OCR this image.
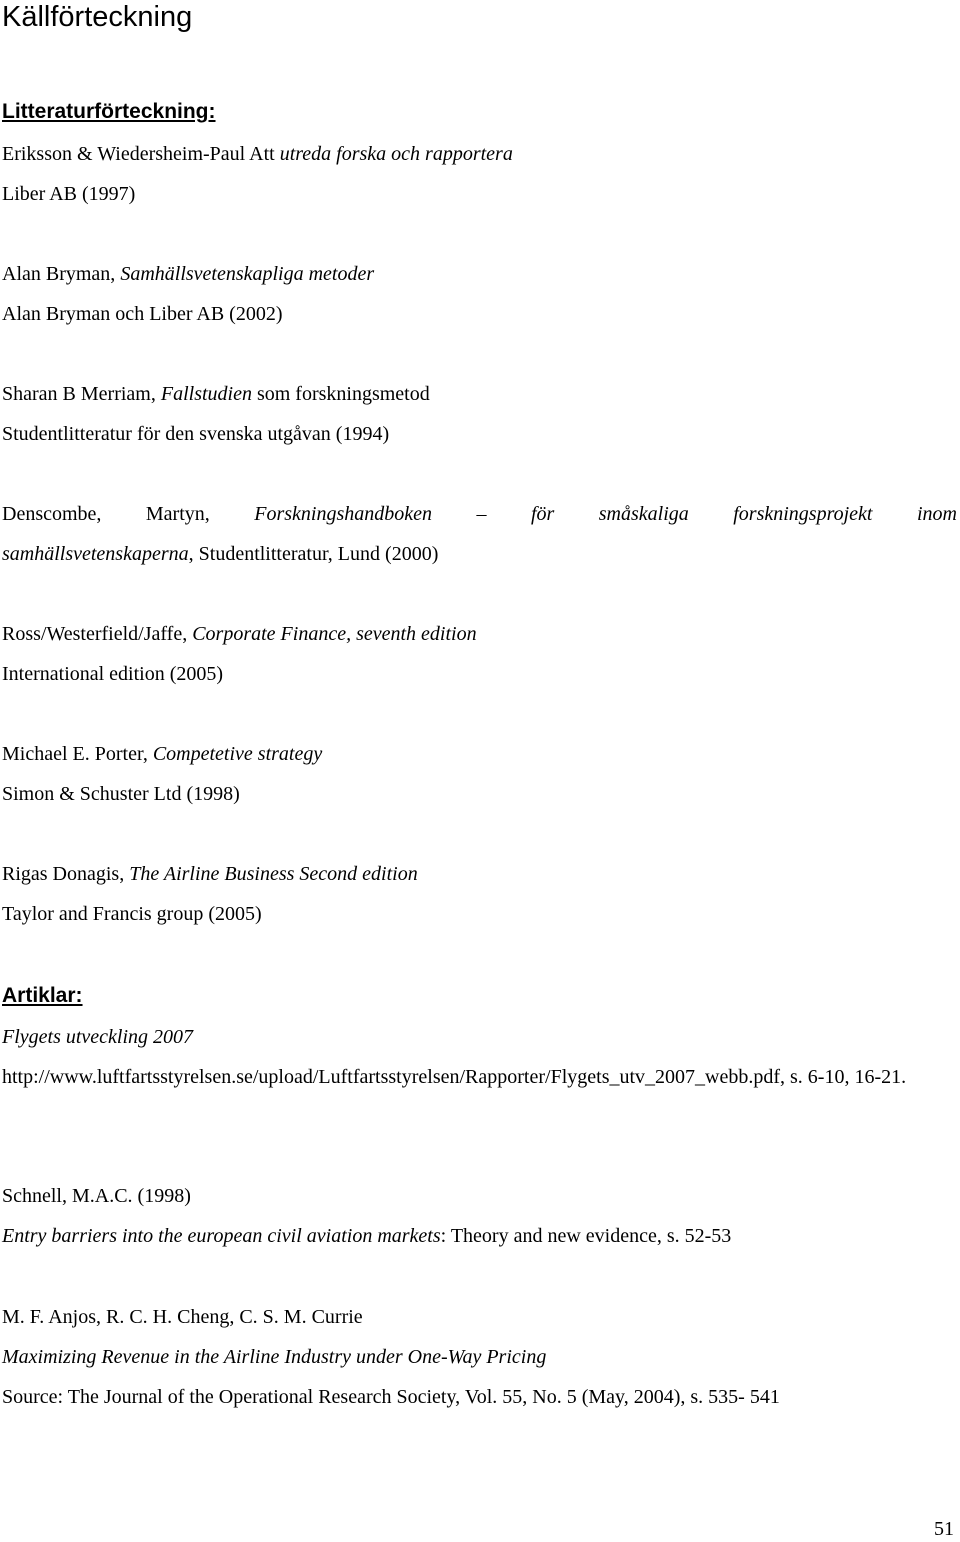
Källförteckning
Litteraturförteckning:
Eriksson & Wiedersheim-Paul Att utreda forska och rapportera
Liber AB (1997)
Alan Bryman, Samhällsvetenskapliga metoder
Alan Bryman och Liber AB (2002)
Sharan B Merriam, Fallstudien som forskningsmetod
Studentlitteratur för den svenska utgåvan (1994)
Denscombe, Martyn, Forskningshandboken – för småskaliga forskningsprojekt inom
samhällsvetenskaperna, Studentlitteratur, Lund (2000)
Ross/Westerfield/Jaffe, Corporate Finance, seventh edition
International edition (2005)
Michael E. Porter, Competetive strategy
Simon & Schuster Ltd (1998)
Rigas Donagis, The Airline Business Second edition
Taylor and Francis group (2005)
Artiklar:
Flygets utveckling 2007
http://www.luftfartsstyrelsen.se/upload/Luftfartsstyrelsen/Rapporter/Flygets_utv_2007_webb.pdf, s. 6-10, 16-21.
Schnell, M.A.C. (1998)
Entry barriers into the european civil aviation markets: Theory and new evidence, s. 52-53
M. F. Anjos, R. C. H. Cheng, C. S. M. Currie
Maximizing Revenue in the Airline Industry under One-Way Pricing
Source: The Journal of the Operational Research Society, Vol. 55, No. 5 (May, 2004), s. 535- 541
51
